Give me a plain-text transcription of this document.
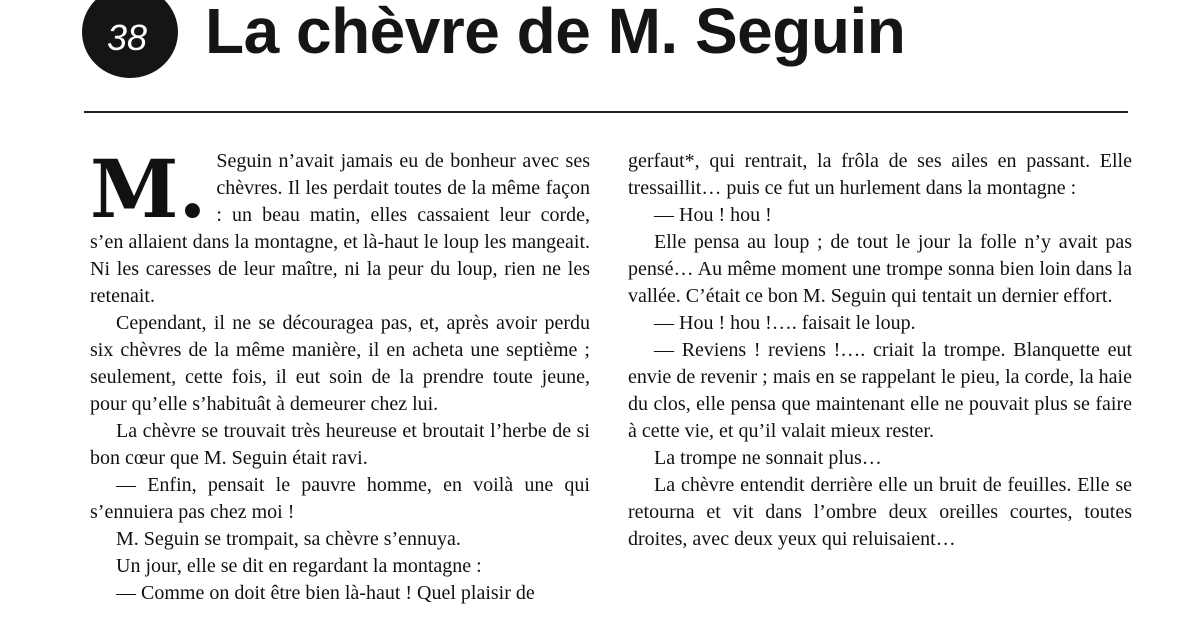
38 La chèvre de M. Seguin

M. Seguin n’avait jamais eu de bonheur avec ses chèvres. Il les perdait toutes de la même façon : un beau matin, elles cassaient leur corde, s’en allaient dans la montagne, et là-haut le loup les mangeait. Ni les caresses de leur maître, ni la peur du loup, rien ne les retenait.

Cependant, il ne se découragea pas, et, après avoir perdu six chèvres de la même manière, il en acheta une septième ; seulement, cette fois, il eut soin de la prendre toute jeune, pour qu’elle s’habituât à demeurer chez lui.

La chèvre se trouvait très heureuse et broutait l’herbe de si bon cœur que M. Seguin était ravi.

— Enfin, pensait le pauvre homme, en voilà une qui s’ennuiera pas chez moi !

M. Seguin se trompait, sa chèvre s’ennuya.

Un jour, elle se dit en regardant la montagne :

— Comme on doit être bien là-haut ! Quel plaisir de

gerfaut*, qui rentrait, la frôla de ses ailes en passant. Elle tressaillit… puis ce fut un hurlement dans la montagne :

— Hou ! hou !

Elle pensa au loup ; de tout le jour la folle n’y avait pas pensé… Au même moment une trompe sonna bien loin dans la vallée. C’était ce bon M. Seguin qui tentait un dernier effort.

— Hou ! hou !…. faisait le loup.

— Reviens ! reviens !…. criait la trompe. Blanquette eut envie de revenir ; mais en se rappelant le pieu, la corde, la haie du clos, elle pensa que maintenant elle ne pouvait plus se faire à cette vie, et qu’il valait mieux rester.

La trompe ne sonnait plus…

La chèvre entendit derrière elle un bruit de feuilles. Elle se retourna et vit dans l’ombre deux oreilles courtes, toutes droites, avec deux yeux qui reluisaient…
